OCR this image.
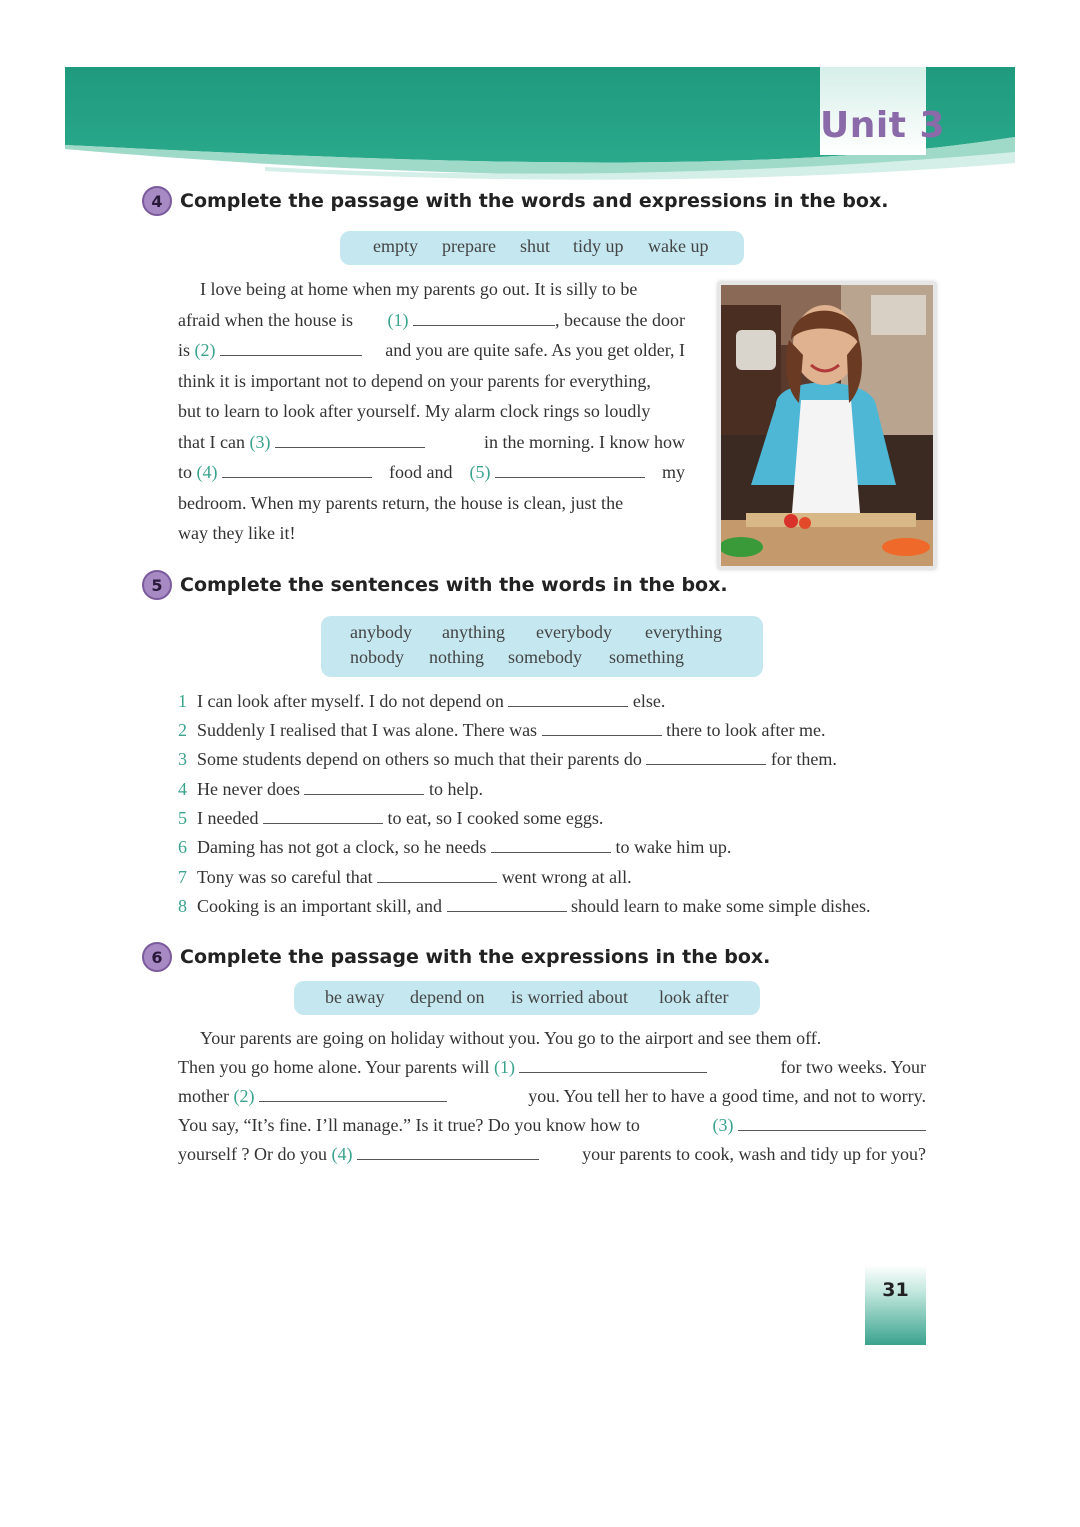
Unit 3
4 Complete the passage with the words and expressions in the box.
empty prepare shut tidy up wake up
I love being at home when my parents go out. It is silly to be
afraid when the house is (1)	, because the door
is (2)	and you are quite safe. As you get older, I
think it is important not to depend on your parents for everything,
but to learn to look after yourself. My alarm clock rings so loudly
that I can (3)	in the morning. I know how
to (4)	food and (5)	my
bedroom. When my parents return, the house is clean, just the
way they like it!
5 Complete the sentences with the words in the box.
anybody anything everybody everything
nobody nothing somebody something
1 I can look after myself. I do not depend on	else.
2 Suddenly I realised that I was alone. There was	there to look after me.
3 Some students depend on others so much that their parents do	for them.
4 He never does	to help.
5 I needed	to eat, so I cooked some eggs.
6 Daming has not got a clock, so he needs	to wake him up.
7 Tony was so careful that	went wrong at all.
8 Cooking is an important skill, and	should learn to make some simple dishes.
6 Complete the passage with the expressions in the box.
be away depend on is worried about look after
Your parents are going on holiday without you. You go to the airport and see them off.
Then you go home alone. Your parents will (1)	for two weeks. Your
mother (2)	you. You tell her to have a good time, and not to worry.
You say, “It’s fine. I’ll manage.” Is it true? Do you know how to	(3)
yourself ? Or do you (4)	your parents to cook, wash and tidy up for you?
31
